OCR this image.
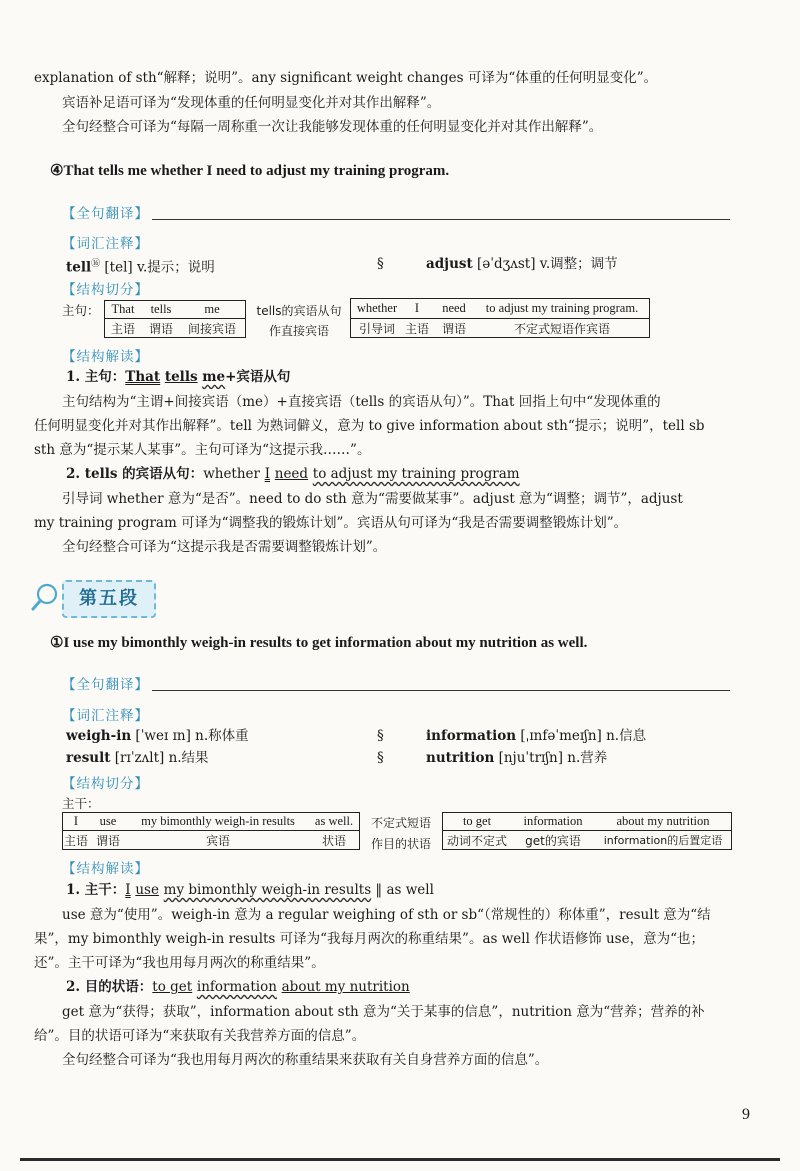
explanation of sth“解释；说明”。any significant weight changes 可译为“体重的任何明显变化”。
宾语补足语可译为“发现体重的任何明显变化并对其作出解释”。
全句经整合可译为“每隔一周称重一次让我能够发现体重的任何明显变化并对其作出解释”。
④That tells me whether I need to adjust my training program.
【全句翻译】
【词汇注释】
tell⑯ [tel] v.提示；说明	§	adjust [əˈdʒʌst] v.调整；调节
【结构切分】
主句： That
主语
tells
谓语
me
间接宾语
tells的宾语从句
作直接宾语
whether
引导词
I
主语
need
谓语
to adjust my training program.
不定式短语作宾语
【结构解读】
1. 主句：That tells me+宾语从句
主句结构为“主谓+间接宾语（me）+直接宾语（tells 的宾语从句）”。That 回指上句中“发现体重的
任何明显变化并对其作出解释”。tell 为熟词僻义，意为 to give information about sth“提示；说明”，tell sb
sth 意为“提示某人某事”。主句可译为“这提示我……”。
2. tells 的宾语从句：whether I need to adjust my training program
引导词 whether 意为“是否”。need to do sth 意为“需要做某事”。adjust 意为“调整；调节”，adjust
my training program 可译为“调整我的锻炼计划”。宾语从句可译为“我是否需要调整锻炼计划”。
全句经整合可译为“这提示我是否需要调整锻炼计划”。
第五段
①I use my bimonthly weigh-in results to get information about my nutrition as well.
【全句翻译】
【词汇注释】
weigh-in [ˈweɪ ɪn] n.称体重
result [rɪˈzʌlt] n.结果
§
§
information [ˌɪnfəˈmeɪʃn] n.信息
nutrition [njuˈtrɪʃn] n.营养
【结构切分】
主干：
I
主语
use
谓语
my bimonthly weigh-in results
宾语
as well.
状语
不定式短语
作目的状语
to get
动词不定式
information
get的宾语
about my nutrition
information的后置定语
【结构解读】
1. 主干：I use my bimonthly weigh-in results ‖ as well
use 意为“使用”。weigh-in 意为 a regular weighing of sth or sb“（常规性的）称体重”，result 意为“结
果”，my bimonthly weigh-in results 可译为“我每月两次的称重结果”。as well 作状语修饰 use，意为“也；
还”。主干可译为“我也用每月两次的称重结果”。
2. 目的状语：to get information about my nutrition
get 意为“获得；获取”，information about sth 意为“关于某事的信息”，nutrition 意为“营养；营养的补
给”。目的状语可译为“来获取有关我营养方面的信息”。
全句经整合可译为“我也用每月两次的称重结果来获取有关自身营养方面的信息”。
9
